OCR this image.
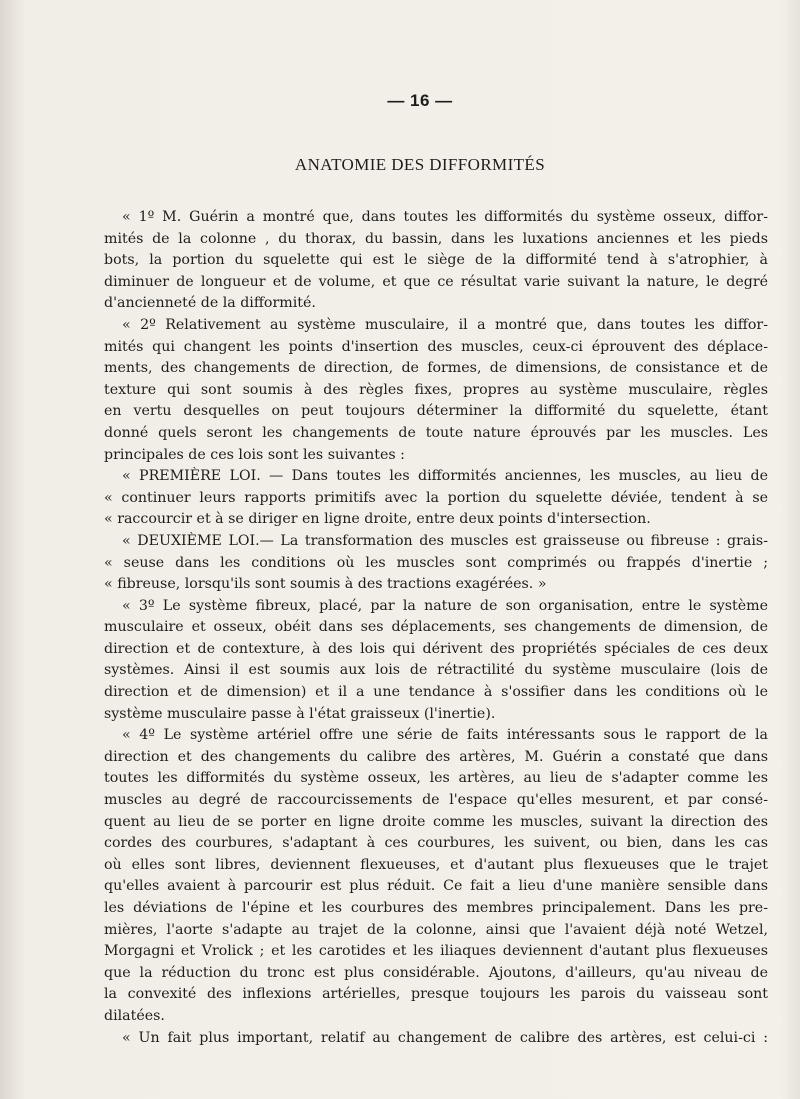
— 16 —
ANATOMIE DES DIFFORMITÉS
« 1º M. Guérin a montré que, dans toutes les difformités du système osseux, diffor-
mités de la colonne , du thorax, du bassin, dans les luxations anciennes et les pieds
bots, la portion du squelette qui est le siège de la difformité tend à s'atrophier, à
diminuer de longueur et de volume, et que ce résultat varie suivant la nature, le degré
d'ancienneté de la difformité.
« 2º Relativement au système musculaire, il a montré que, dans toutes les diffor-
mités qui changent les points d'insertion des muscles, ceux-ci éprouvent des déplace-
ments, des changements de direction, de formes, de dimensions, de consistance et de
texture qui sont soumis à des règles fixes, propres au système musculaire, règles
en vertu desquelles on peut toujours déterminer la difformité du squelette, étant
donné quels seront les changements de toute nature éprouvés par les muscles. Les
principales de ces lois sont les suivantes :
« PREMIÈRE LOI. — Dans toutes les difformités anciennes, les muscles, au lieu de
« continuer leurs rapports primitifs avec la portion du squelette déviée, tendent à se
« raccourcir et à se diriger en ligne droite, entre deux points d'intersection.
« DEUXIÈME LOI.— La transformation des muscles est graisseuse ou fibreuse : grais-
« seuse dans les conditions où les muscles sont comprimés ou frappés d'inertie ;
« fibreuse, lorsqu'ils sont soumis à des tractions exagérées. »
« 3º Le système fibreux, placé, par la nature de son organisation, entre le système
musculaire et osseux, obéit dans ses déplacements, ses changements de dimension, de
direction et de contexture, à des lois qui dérivent des propriétés spéciales de ces deux
systèmes. Ainsi il est soumis aux lois de rétractilité du système musculaire (lois de
direction et de dimension) et il a une tendance à s'ossifier dans les conditions où le
système musculaire passe à l'état graisseux (l'inertie).
« 4º Le système artériel offre une série de faits intéressants sous le rapport de la
direction et des changements du calibre des artères, M. Guérin a constaté que dans
toutes les difformités du système osseux, les artères, au lieu de s'adapter comme les
muscles au degré de raccourcissements de l'espace qu'elles mesurent, et par consé-
quent au lieu de se porter en ligne droite comme les muscles, suivant la direction des
cordes des courbures, s'adaptant à ces courbures, les suivent, ou bien, dans les cas
où elles sont libres, deviennent flexueuses, et d'autant plus flexueuses que le trajet
qu'elles avaient à parcourir est plus réduit. Ce fait a lieu d'une manière sensible dans
les déviations de l'épine et les courbures des membres principalement. Dans les pre-
mières, l'aorte s'adapte au trajet de la colonne, ainsi que l'avaient déjà noté Wetzel,
Morgagni et Vrolick ; et les carotides et les iliaques deviennent d'autant plus flexueuses
que la réduction du tronc est plus considérable. Ajoutons, d'ailleurs, qu'au niveau de
la convexité des inflexions artérielles, presque toujours les parois du vaisseau sont
dilatées.
« Un fait plus important, relatif au changement de calibre des artères, est celui-ci :
